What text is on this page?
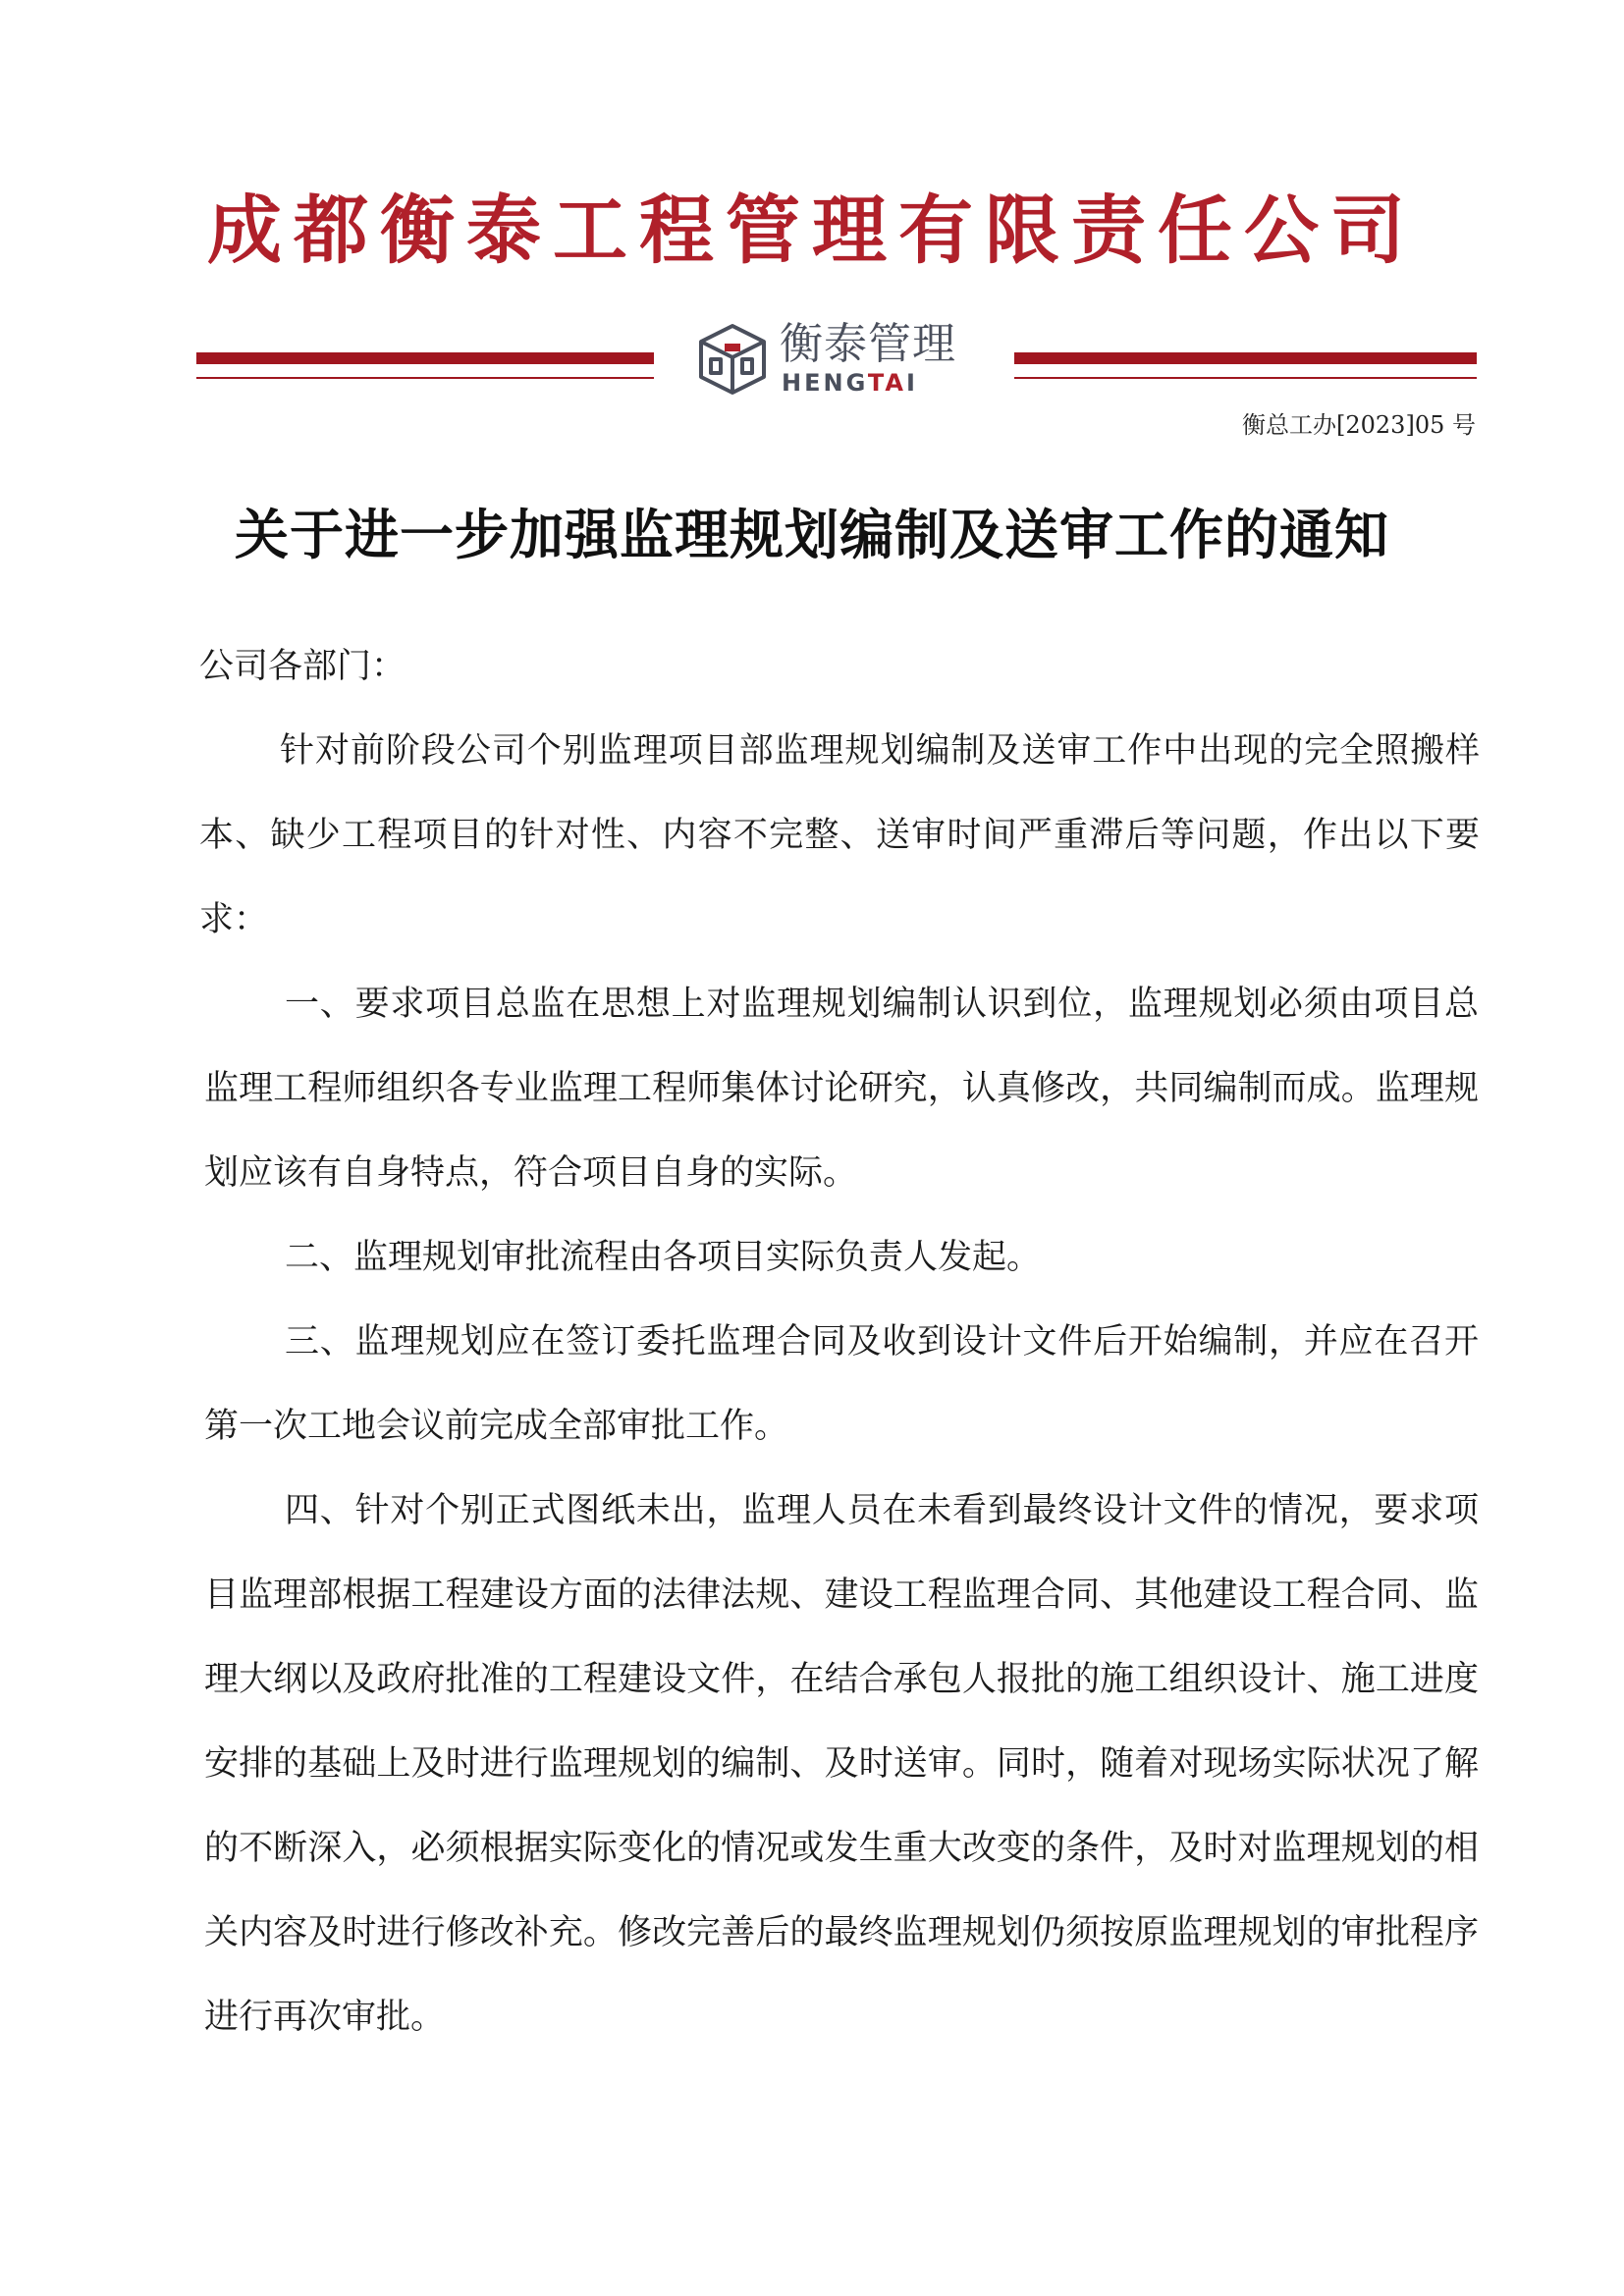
成都衡泰工程管理有限责任公司
衡泰管理
HENGTAI
衡总工办[2023]05 号
关于进一步加强监理规划编制及送审工作的通知
公司各部门：

针对前阶段公司个别监理项目部监理规划编制及送审工作中出现的完全照搬样本、缺少工程项目的针对性、内容不完整、送审时间严重滞后等问题，作出以下要求：

一、要求项目总监在思想上对监理规划编制认识到位，监理规划必须由项目总监理工程师组织各专业监理工程师集体讨论研究，认真修改，共同编制而成。监理规划应该有自身特点，符合项目自身的实际。

二、监理规划审批流程由各项目实际负责人发起。

三、监理规划应在签订委托监理合同及收到设计文件后开始编制，并应在召开第一次工地会议前完成全部审批工作。

四、针对个别正式图纸未出，监理人员在未看到最终设计文件的情况，要求项目监理部根据工程建设方面的法律法规、建设工程监理合同、其他建设工程合同、监理大纲以及政府批准的工程建设文件，在结合承包人报批的施工组织设计、施工进度安排的基础上及时进行监理规划的编制、及时送审。同时，随着对现场实际状况了解的不断深入，必须根据实际变化的情况或发生重大改变的条件，及时对监理规划的相关内容及时进行修改补充。修改完善后的最终监理规划仍须按原监理规划的审批程序进行再次审批。
